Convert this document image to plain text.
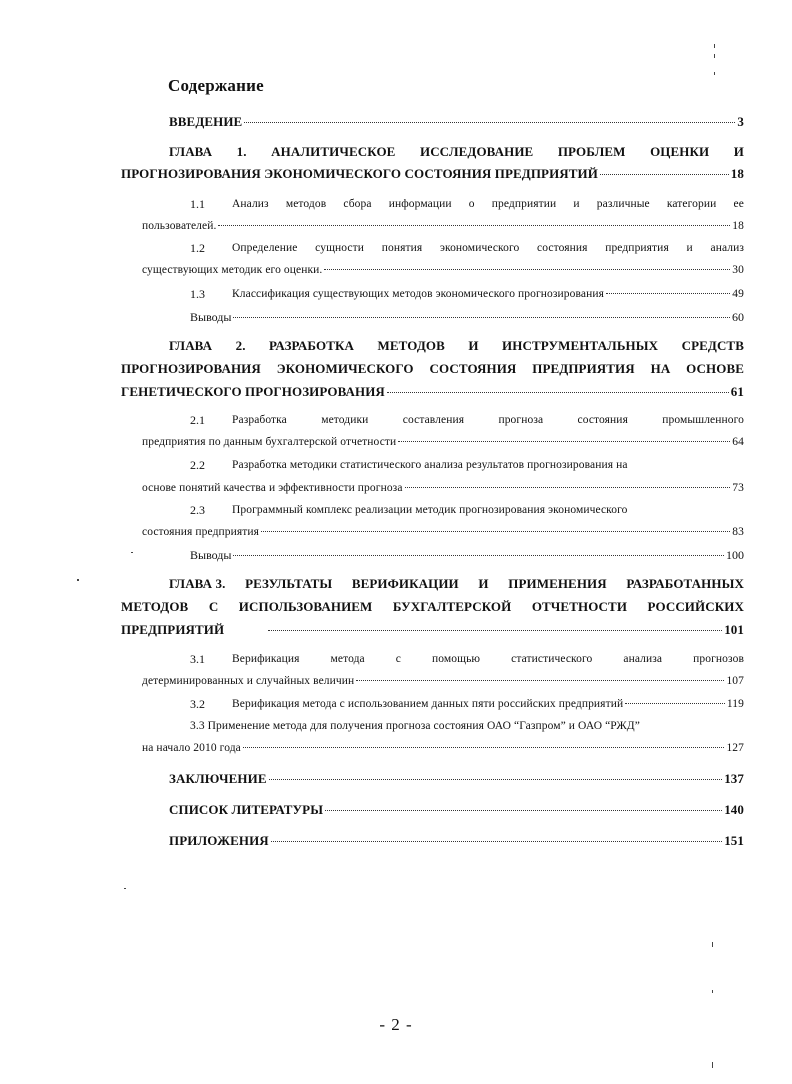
Содержание
ВВЕДЕНИЕ	3
ГЛАВА 1. АНАЛИТИЧЕСКОЕ ИССЛЕДОВАНИЕ ПРОБЛЕМ ОЦЕНКИ И
ПРОГНОЗИРОВАНИЯ ЭКОНОМИЧЕСКОГО СОСТОЯНИЯ ПРЕДПРИЯТИЙ	18
1.1 Анализ методов сбора информации о предприятии и различные категории ее
пользователей.	18
1.2 Определение сущности понятия экономического состояния предприятия и анализ
существующих методик его оценки.	30
1.3 Классификация существующих методов экономического прогнозирования	49
Выводы	60
ГЛАВА 2. РАЗРАБОТКА МЕТОДОВ И ИНСТРУМЕНТАЛЬНЫХ СРЕДСТВ
ПРОГНОЗИРОВАНИЯ ЭКОНОМИЧЕСКОГО СОСТОЯНИЯ ПРЕДПРИЯТИЯ НА ОСНОВЕ
ГЕНЕТИЧЕСКОГО ПРОГНОЗИРОВАНИЯ	61
2.1 Разработка	методики	составления	прогноза	состояния	промышленного
предприятия по данным бухгалтерской отчетности	64
2.2 Разработка методики статистического анализа результатов прогнозирования на
основе понятий качества и эффективности прогноза	73
2.3 Программный комплекс реализации методик прогнозирования экономического
состояния предприятия	83
Выводы	100
ГЛАВА 3. РЕЗУЛЬТАТЫ ВЕРИФИКАЦИИ И ПРИМЕНЕНИЯ РАЗРАБОТАННЫХ
МЕТОДОВ С ИСПОЛЬЗОВАНИЕМ БУХГАЛТЕРСКОЙ ОТЧЕТНОСТИ РОССИЙСКИХ
ПРЕДПРИЯТИЙ	101
3.1 Верификация	метода	с	помощью	статистического	анализа	прогнозов
детерминированных и случайных величин	107
3.2 Верификация метода с использованием данных пяти российских предприятий	119
3.3 Применение метода для получения прогноза состояния ОАО “Газпром” и ОАО “РЖД”
на начало 2010 года	127
ЗАКЛЮЧЕНИЕ	137
СПИСОК ЛИТЕРАТУРЫ	140
ПРИЛОЖЕНИЯ	151
- 2 -
